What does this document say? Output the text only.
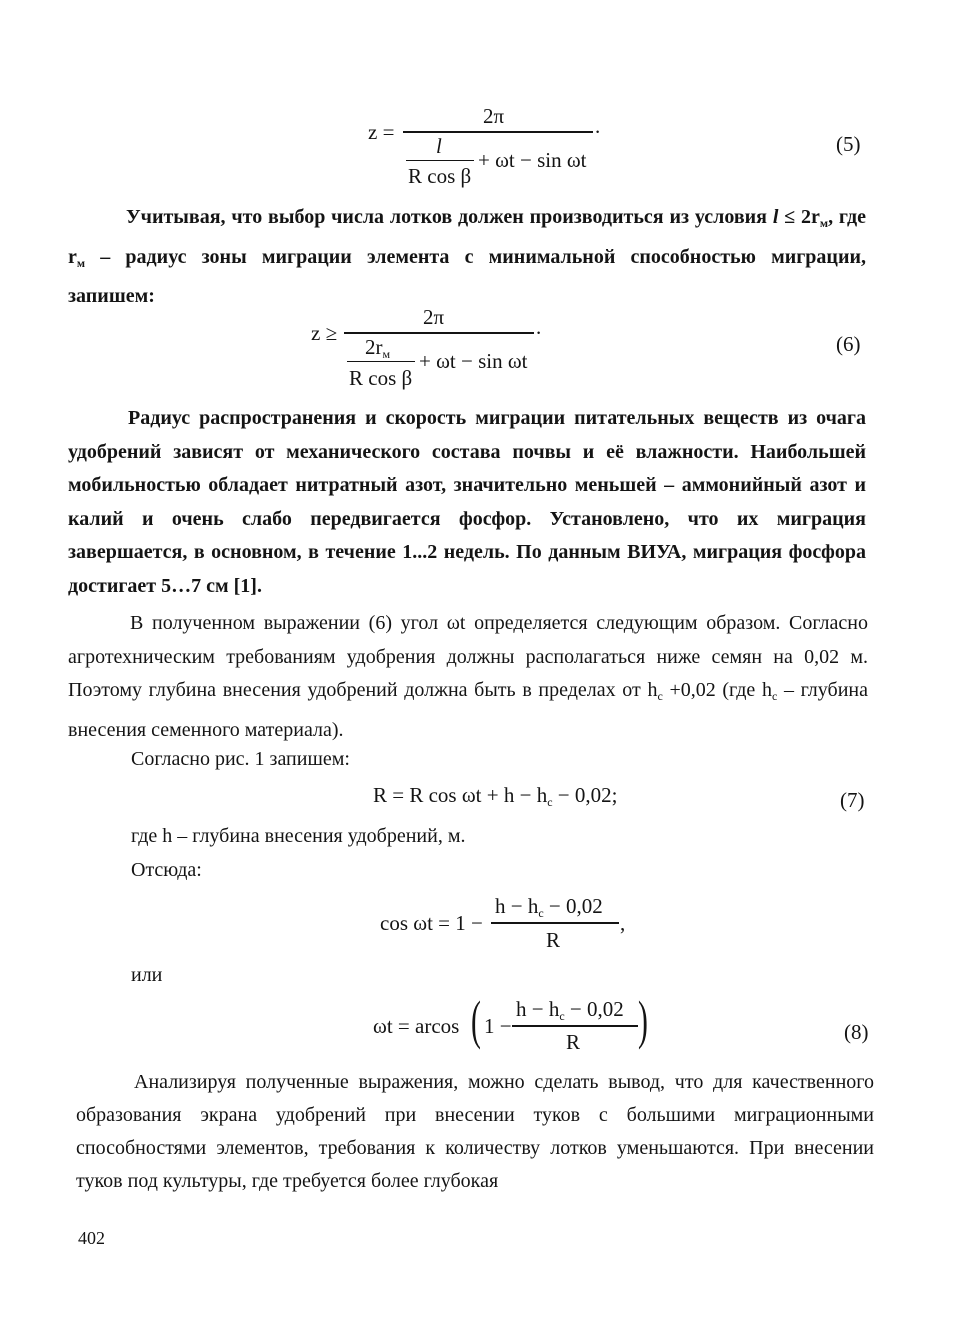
z =
2π	.
l
R cos β
+ ωt − sin ωt
(5)
Учитывая, что выбор числа лотков должен производиться из условия $l \le 2r_м$, где $r_м$ – радиус зоны миграции элемента с минимальной способностью миграции, запишем:
z ≥
2π	.
$2r_м$
R cos β
+ ωt − sin ωt
(6)
Радиус распространения и скорость миграции питательных веществ из очага удобрений зависят от механического состава почвы и её влажности. Наибольшей мобильностью обладает нитратный азот, значительно меньшей – аммонийный азот и калий и очень слабо передвигается фосфор. Установлено, что их миграция завершается, в основном, в течение 1...2 недель. По данным ВИУА, миграция фосфора достигает 5…7 см [1].
В полученном выражении (6) угол ωt определяется следующим образом. Согласно агротехническим требованиям удобрения должны располагаться ниже семян на 0,02 м. Поэтому глубина внесения удобрений должна быть в пределах от $h_c +0,02$ (где $h_c$ – глубина внесения семенного материала).
Согласно рис. 1 запишем:
R = R $\cos \omega t + h - h_c - 0,02$;	(7)
где h – глубина внесения удобрений, м.
Отсюда:
cos ωt = 1 −
$h - h_c - 0,02$
R
,
или
ωt = arcos ( 1 −
$h - h_c - 0,02$
R )	(8)
Анализируя полученные выражения, можно сделать вывод, что для качественного образования экрана удобрений при внесении туков с большими миграционными способностями элементов, требования к количеству лотков уменьшаются. При внесении туков под культуры, где требуется более глубокая
402
